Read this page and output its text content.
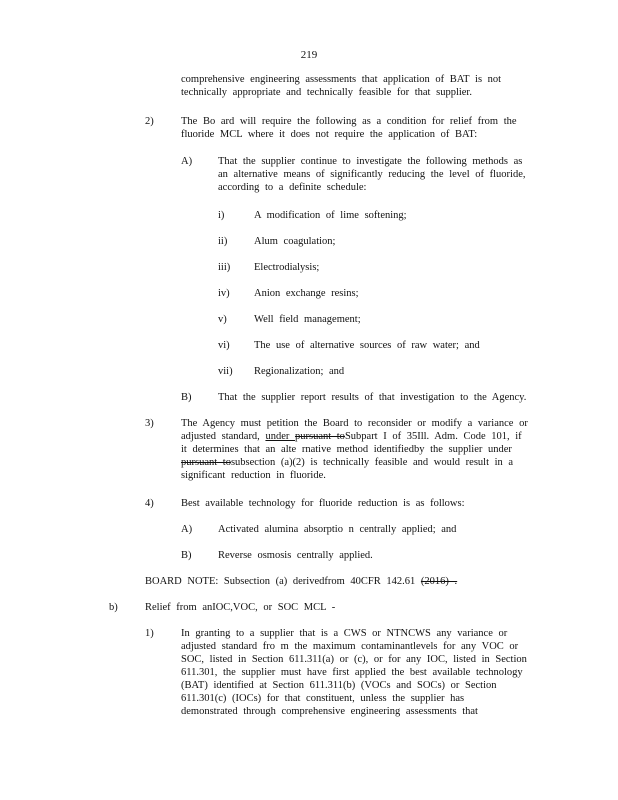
219

comprehensive engineering assessments that application of BAT is not

technically appropriate and technically feasible for that supplier.

2)	The Bo ard will require the following as a condition for relief from the

fluoride MCL where it does not require the application of BAT:

A) That the supplier continue to investigate the following methods as

an alternative means of significantly reducing the level of fluoride,

according to a definite schedule:

i)	A modification of lime softening;
ii)	Alum coagulation;
iii) Electrodialysis;
iv) Anion exchange resins;
v)	Well field management;
vi) The use of alternative sources of raw water; and
vii) Regionalization; and
B)	That the supplier report results of that investigation to the Agency.
3)	The Agency must petition the Board to reconsider or modify a variance or

adjusted standard, under pursuant toSubpart I of 35Ill. Adm. Code 101, if

it determines that an alte rnative method identifiedby the supplier under

pursuant tosubsection (a)(2) is technically feasible and would result in a

significant reduction in fluoride.

4)	Best available technology for fluoride reduction is as follows:
A) Activated alumina absorptio n centrally applied; and
B)	Reverse osmosis centrally applied.
BOARD NOTE: Subsection (a) derivedfrom 40CFR 142.61 (2016) .
b)	Relief from anIOC,VOC, or SOC MCL -
1)	In granting to a supplier that is a CWS or NTNCWS any variance or

adjusted standard fro m the maximum contaminantlevels for any VOC or

SOC, listed in Section 611.311(a) or (c), or for any IOC, listed in Section

611.301, the supplier must have first applied the best available technology

(BAT) identified at Section 611.311(b) (VOCs and SOCs) or Section

611.301(c) (IOCs) for that constituent, unless the supplier has

demonstrated through comprehensive engineering assessments that
